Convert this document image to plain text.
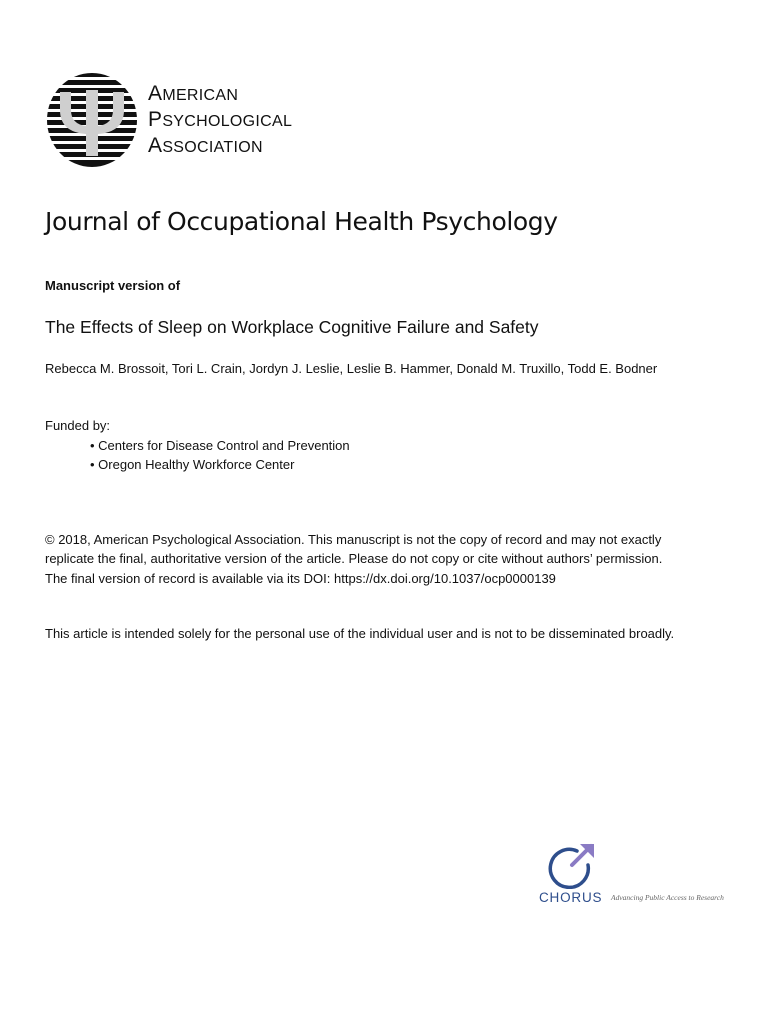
AMERICAN
PSYCHOLOGICAL
ASSOCIATION
Journal of Occupational Health Psychology
Manuscript version of
The Effects of Sleep on Workplace Cognitive Failure and Safety
Rebecca M. Brossoit, Tori L. Crain, Jordyn J. Leslie, Leslie B. Hammer, Donald M. Truxillo, Todd E. Bodner
Funded by:
• Centers for Disease Control and Prevention
• Oregon Healthy Workforce Center
© 2018, American Psychological Association. This manuscript is not the copy of record and may not exactly
replicate the final, authoritative version of the article. Please do not copy or cite without authors’ permission.
The final version of record is available via its DOI: https://dx.doi.org/10.1037/ocp0000139
This article is intended solely for the personal use of the individual user and is not to be disseminated broadly.
CHORUS Advancing Public Access to Research
